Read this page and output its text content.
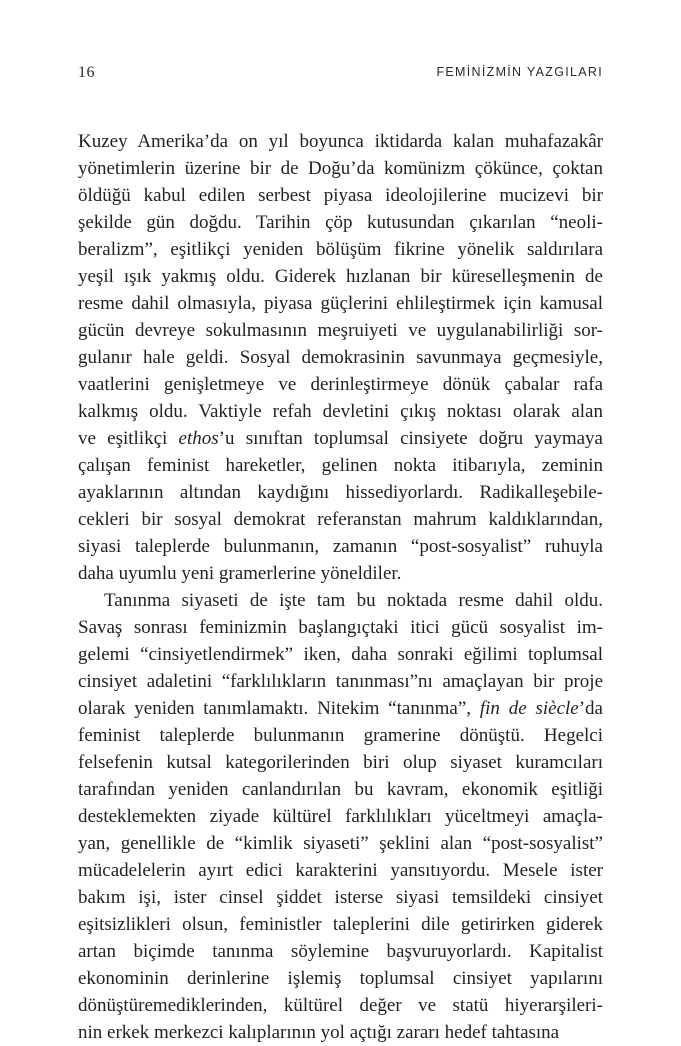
16	FEMİNİZMİN YAZGILARI
Kuzey Amerika’da on yıl boyunca iktidarda kalan muhafazakâr
yönetimlerin üzerine bir de Doğu’da komünizm çökünce, çoktan
öldüğü kabul edilen serbest piyasa ideolojilerine mucizevi bir
şekilde gün doğdu. Tarihin çöp kutusundan çıkarılan “neoli-
beralizm”, eşitlikçi yeniden bölüşüm fikrine yönelik saldırılara
yeşil ışık yakmış oldu. Giderek hızlanan bir küreselleşmenin de
resme dahil olmasıyla, piyasa güçlerini ehlileştirmek için kamusal
gücün devreye sokulmasının meşruiyeti ve uygulanabilirliği sor-
gulanır hale geldi. Sosyal demokrasinin savunmaya geçmesiyle,
vaatlerini genişletmeye ve derinleştirmeye dönük çabalar rafa
kalkmış oldu. Vaktiyle refah devletini çıkış noktası olarak alan
ve eşitlikçi ethos’u sınıftan toplumsal cinsiyete doğru yaymaya
çalışan feminist hareketler, gelinen nokta itibarıyla, zeminin
ayaklarının altından kaydığını hissediyorlardı. Radikalleşebile-
cekleri bir sosyal demokrat referanstan mahrum kaldıklarından,
siyasi taleplerde bulunmanın, zamanın “post-sosyalist” ruhuyla
daha uyumlu yeni gramerlerine yöneldiler.
Tanınma siyaseti de işte tam bu noktada resme dahil oldu.
Savaş sonrası feminizmin başlangıçtaki itici gücü sosyalist im-
gelemi “cinsiyetlendirmek” iken, daha sonraki eğilimi toplumsal
cinsiyet adaletini “farklılıkların tanınması”nı amaçlayan bir proje
olarak yeniden tanımlamaktı. Nitekim “tanınma”, fin de siècle’da
feminist taleplerde bulunmanın gramerine dönüştü. Hegelci
felsefenin kutsal kategorilerinden biri olup siyaset kuramcıları
tarafından yeniden canlandırılan bu kavram, ekonomik eşitliği
desteklemekten ziyade kültürel farklılıkları yüceltmeyi amaçla-
yan, genellikle de “kimlik siyaseti” şeklini alan “post-sosyalist”
mücadelelerin ayırt edici karakterini yansıtıyordu. Mesele ister
bakım işi, ister cinsel şiddet isterse siyasi temsildeki cinsiyet
eşitsizlikleri olsun, feministler taleplerini dile getirirken giderek
artan biçimde tanınma söylemine başvuruyorlardı. Kapitalist
ekonominin derinlerine işlemiş toplumsal cinsiyet yapılarını
dönüştüremediklerinden, kültürel değer ve statü hiyerarşileri-
nin erkek merkezci kalıplarının yol açtığı zararı hedef tahtasına
